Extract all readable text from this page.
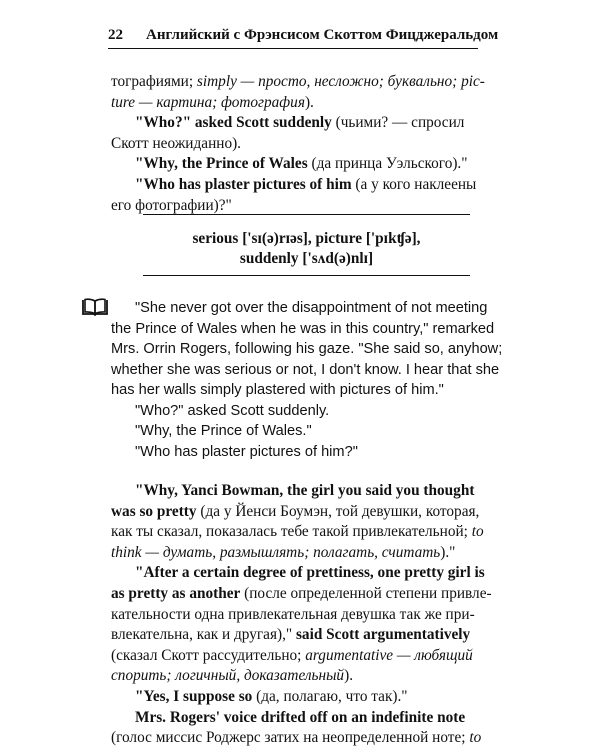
22 Английский с Фрэнсисом Скоттом Фицджеральдом
тографиями; simply — просто, несложно; буквально; pic-
ture — картина; фотография).
"Who?" asked Scott suddenly (чьими? — спросил
Скотт неожиданно).
"Why, the Prince of Wales (да принца Уэльского)."
"Who has plaster pictures of him (а у кого наклеены
его фотографии)?"
serious ['sɪ(ə)rɪəs], picture ['pɪkʧə],
suddenly ['sʌd(ə)nlɪ]
"She never got over the disappointment of not meeting
the Prince of Wales when he was in this country," remarked
Mrs. Orrin Rogers, following his gaze. "She said so, anyhow;
whether she was serious or not, I don't know. I hear that she
has her walls simply plastered with pictures of him."
"Who?" asked Scott suddenly.
"Why, the Prince of Wales."
"Who has plaster pictures of him?"
"Why, Yanci Bowman, the girl you said you thought
was so pretty (да у Йенси Боумэн, той девушки, которая,
как ты сказал, показалась тебе такой привлекательной; to
think — думать, размышлять; полагать, считать)."
"After a certain degree of prettiness, one pretty girl is
as pretty as another (после определенной степени привле-
кательности одна привлекательная девушка так же при-
влекательна, как и другая)," said Scott argumentatively
(сказал Скотт рассудительно; argumentative — любящий
спорить; логичный, доказательный).
"Yes, I suppose so (да, полагаю, что так)."
Mrs. Rogers' voice drifted off on an indefinite note
(голос миссис Роджерс затих на неопределенной ноте; to
